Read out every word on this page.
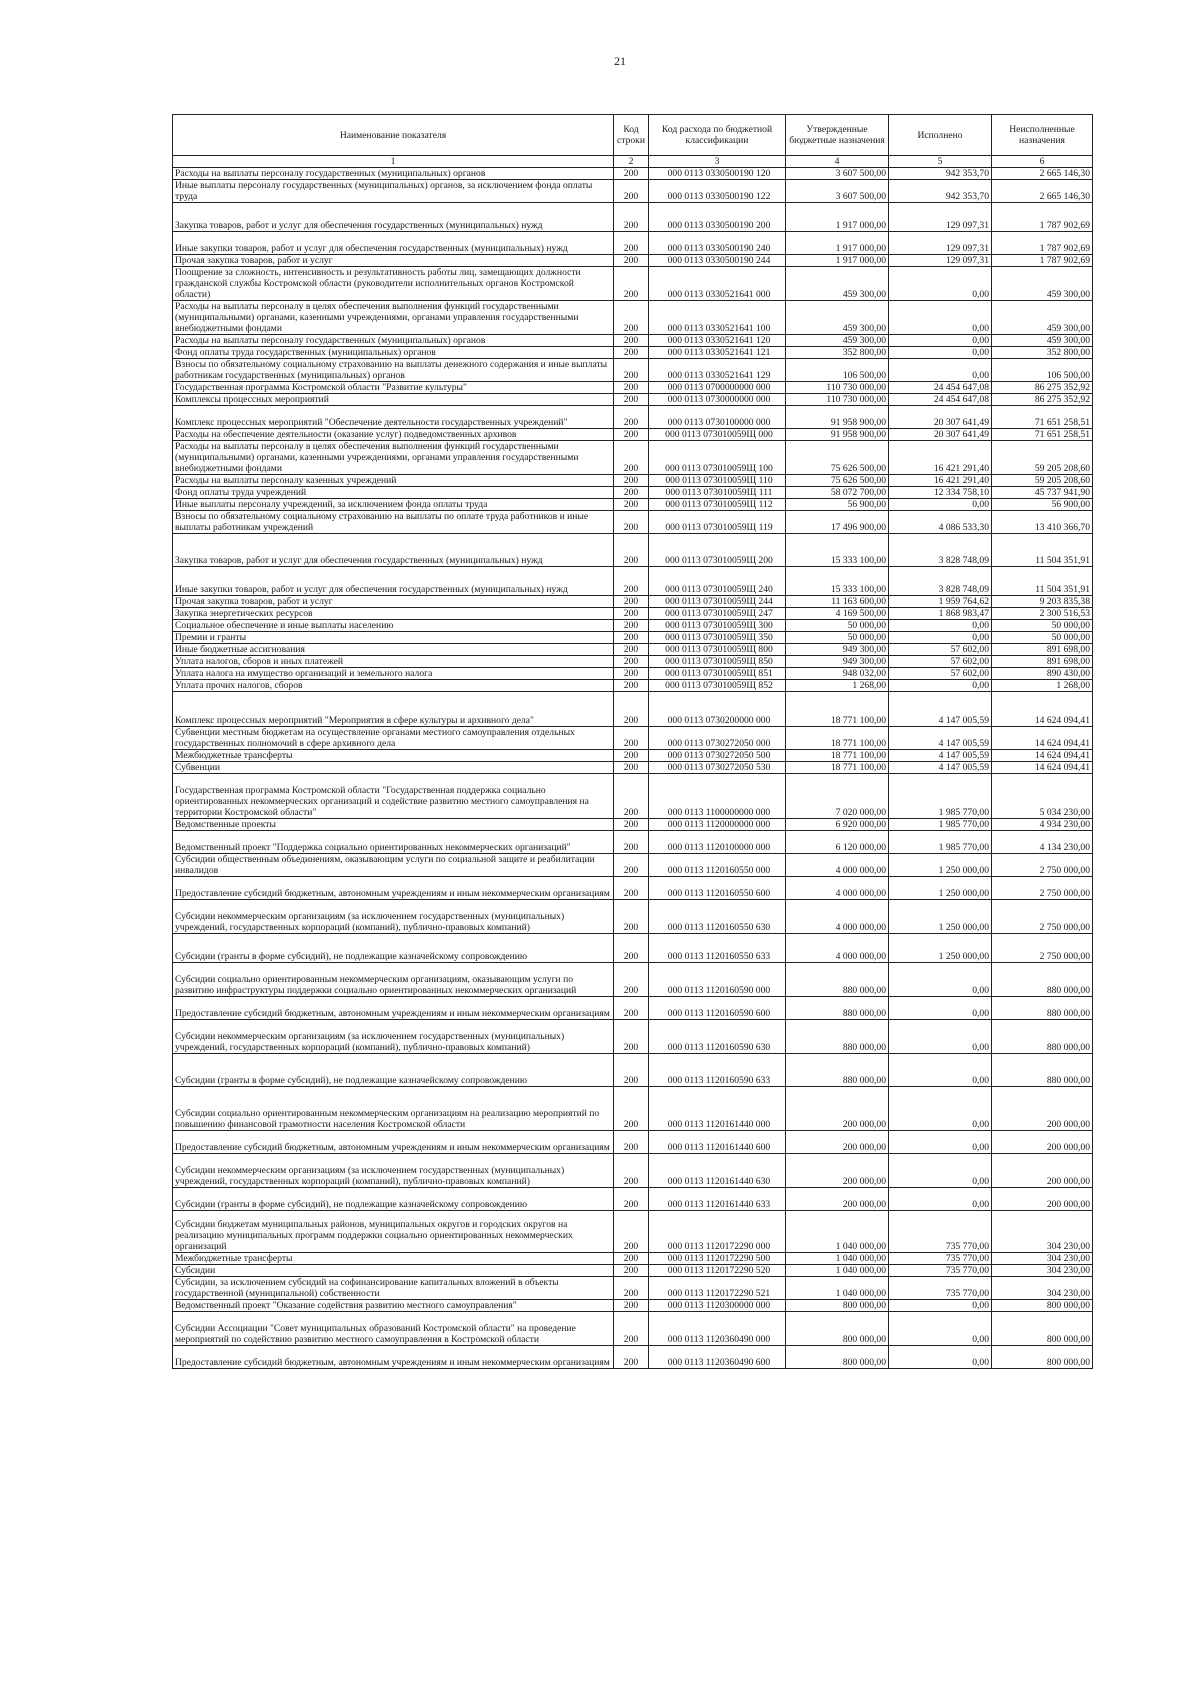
21
Наименование показателя	Код строки	Код расхода по бюджетной классификации	Утвержденные бюджетные назначения	Исполнено	Неисполненные назначения
1	2	3	4	5	6
Расходы на выплаты персоналу государственных (муниципальных) органов	200	000 0113 0330500190 120	3 607 500,00	942 353,70	2 665 146,30
Иные выплаты персоналу государственных (муниципальных) органов, за исключением фонда оплаты труда	200	000 0113 0330500190 122	3 607 500,00	942 353,70	2 665 146,30
Закупка товаров, работ и услуг для обеспечения государственных (муниципальных) нужд	200	000 0113 0330500190 200	1 917 000,00	129 097,31	1 787 902,69
Иные закупки товаров, работ и услуг для обеспечения государственных (муниципальных) нужд	200	000 0113 0330500190 240	1 917 000,00	129 097,31	1 787 902,69
Прочая закупка товаров, работ и услуг	200	000 0113 0330500190 244	1 917 000,00	129 097,31	1 787 902,69
Поощрение за сложность, интенсивность и результативность работы лиц, замещающих должности гражданской службы Костромской области (руководители исполнительных органов Костромской области)	200	000 0113 0330521641 000	459 300,00	0,00	459 300,00
Расходы на выплаты персоналу в целях обеспечения выполнения функций государственными (муниципальными) органами, казенными учреждениями, органами управления государственными внебюджетными фондами	200	000 0113 0330521641 100	459 300,00	0,00	459 300,00
Расходы на выплаты персоналу государственных (муниципальных) органов	200	000 0113 0330521641 120	459 300,00	0,00	459 300,00
Фонд оплаты труда государственных (муниципальных) органов	200	000 0113 0330521641 121	352 800,00	0,00	352 800,00
Взносы по обязательному социальному страхованию на выплаты денежного содержания и иные выплаты работникам государственных (муниципальных) органов	200	000 0113 0330521641 129	106 500,00	0,00	106 500,00
Государственная программа Костромской области "Развитие культуры"	200	000 0113 0700000000 000	110 730 000,00	24 454 647,08	86 275 352,92
Комплексы процессных мероприятий	200	000 0113 0730000000 000	110 730 000,00	24 454 647,08	86 275 352,92
Комплекс процессных мероприятий "Обеспечение деятельности государственных учреждений"	200	000 0113 0730100000 000	91 958 900,00	20 307 641,49	71 651 258,51
Расходы на обеспечение деятельности (оказание услуг) подведомственных архивов	200	000 0113 073010059Щ 000	91 958 900,00	20 307 641,49	71 651 258,51
Расходы на выплаты персоналу в целях обеспечения выполнения функций государственными (муниципальными) органами, казенными учреждениями, органами управления государственными внебюджетными фондами	200	000 0113 073010059Щ 100	75 626 500,00	16 421 291,40	59 205 208,60
Расходы на выплаты персоналу казенных учреждений	200	000 0113 073010059Щ 110	75 626 500,00	16 421 291,40	59 205 208,60
Фонд оплаты труда учреждений	200	000 0113 073010059Щ 111	58 072 700,00	12 334 758,10	45 737 941,90
Иные выплаты персоналу учреждений, за исключением фонда оплаты труда	200	000 0113 073010059Щ 112	56 900,00	0,00	56 900,00
Взносы по обязательному социальному страхованию на выплаты по оплате труда работников и иные выплаты работникам учреждений	200	000 0113 073010059Щ 119	17 496 900,00	4 086 533,30	13 410 366,70
Закупка товаров, работ и услуг для обеспечения государственных (муниципальных) нужд	200	000 0113 073010059Щ 200	15 333 100,00	3 828 748,09	11 504 351,91
Иные закупки товаров, работ и услуг для обеспечения государственных (муниципальных) нужд	200	000 0113 073010059Щ 240	15 333 100,00	3 828 748,09	11 504 351,91
Прочая закупка товаров, работ и услуг	200	000 0113 073010059Щ 244	11 163 600,00	1 959 764,62	9 203 835,38
Закупка энергетических ресурсов	200	000 0113 073010059Щ 247	4 169 500,00	1 868 983,47	2 300 516,53
Социальное обеспечение и иные выплаты населению	200	000 0113 073010059Щ 300	50 000,00	0,00	50 000,00
Премии и гранты	200	000 0113 073010059Щ 350	50 000,00	0,00	50 000,00
Иные бюджетные ассигнования	200	000 0113 073010059Щ 800	949 300,00	57 602,00	891 698,00
Уплата налогов, сборов и иных платежей	200	000 0113 073010059Щ 850	949 300,00	57 602,00	891 698,00
Уплата налога на имущество организаций и земельного налога	200	000 0113 073010059Щ 851	948 032,00	57 602,00	890 430,00
Уплата прочих налогов, сборов	200	000 0113 073010059Щ 852	1 268,00	0,00	1 268,00
Комплекс процессных мероприятий "Мероприятия в сфере культуры и архивного дела"	200	000 0113 0730200000 000	18 771 100,00	4 147 005,59	14 624 094,41
Субвенции местным бюджетам на осуществление органами местного самоуправления отдельных государственных полномочий в сфере архивного дела	200	000 0113 0730272050 000	18 771 100,00	4 147 005,59	14 624 094,41
Межбюджетные трансферты	200	000 0113 0730272050 500	18 771 100,00	4 147 005,59	14 624 094,41
Субвенции	200	000 0113 0730272050 530	18 771 100,00	4 147 005,59	14 624 094,41
Государственная программа Костромской области "Государственная поддержка социально ориентированных некоммерческих организаций и содействие развитию местного самоуправления на территории Костромской области"	200	000 0113 1100000000 000	7 020 000,00	1 985 770,00	5 034 230,00
Ведомственные проекты	200	000 0113 1120000000 000	6 920 000,00	1 985 770,00	4 934 230,00
Ведомственный проект "Поддержка социально ориентированных некоммерческих организаций"	200	000 0113 1120100000 000	6 120 000,00	1 985 770,00	4 134 230,00
Субсидии общественным объединениям, оказывающим услуги по социальной защите и реабилитации инвалидов	200	000 0113 1120160550 000	4 000 000,00	1 250 000,00	2 750 000,00
Предоставление субсидий бюджетным, автономным учреждениям и иным некоммерческим организациям	200	000 0113 1120160550 600	4 000 000,00	1 250 000,00	2 750 000,00
Субсидии некоммерческим организациям (за исключением государственных (муниципальных) учреждений, государственных корпораций (компаний), публично-правовых компаний)	200	000 0113 1120160550 630	4 000 000,00	1 250 000,00	2 750 000,00
Субсидии (гранты в форме субсидий), не подлежащие казначейскому сопровождению	200	000 0113 1120160550 633	4 000 000,00	1 250 000,00	2 750 000,00
Субсидии социально ориентированным некоммерческим организациям, оказывающим услуги по развитию инфраструктуры поддержки социально ориентированных некоммерческих организаций	200	000 0113 1120160590 000	880 000,00	0,00	880 000,00
Предоставление субсидий бюджетным, автономным учреждениям и иным некоммерческим организациям	200	000 0113 1120160590 600	880 000,00	0,00	880 000,00
Субсидии некоммерческим организациям (за исключением государственных (муниципальных) учреждений, государственных корпораций (компаний), публично-правовых компаний)	200	000 0113 1120160590 630	880 000,00	0,00	880 000,00
Субсидии (гранты в форме субсидий), не подлежащие казначейскому сопровождению	200	000 0113 1120160590 633	880 000,00	0,00	880 000,00
Субсидии социально ориентированным некоммерческим организациям на реализацию мероприятий по повышению финансовой грамотности населения Костромской области	200	000 0113 1120161440 000	200 000,00	0,00	200 000,00
Предоставление субсидий бюджетным, автономным учреждениям и иным некоммерческим организациям	200	000 0113 1120161440 600	200 000,00	0,00	200 000,00
Субсидии некоммерческим организациям (за исключением государственных (муниципальных) учреждений, государственных корпораций (компаний), публично-правовых компаний)	200	000 0113 1120161440 630	200 000,00	0,00	200 000,00
Субсидии (гранты в форме субсидий), не подлежащие казначейскому сопровождению	200	000 0113 1120161440 633	200 000,00	0,00	200 000,00
Субсидии бюджетам муниципальных районов, муниципальных округов и городских округов на реализацию муниципальных программ поддержки социально ориентированных некоммерческих организаций	200	000 0113 1120172290 000	1 040 000,00	735 770,00	304 230,00
Межбюджетные трансферты	200	000 0113 1120172290 500	1 040 000,00	735 770,00	304 230,00
Субсидии	200	000 0113 1120172290 520	1 040 000,00	735 770,00	304 230,00
Субсидии, за исключением субсидий на софинансирование капитальных вложений в объекты государственной (муниципальной) собственности	200	000 0113 1120172290 521	1 040 000,00	735 770,00	304 230,00
Ведомственный проект "Оказание содействия развитию местного самоуправления"	200	000 0113 1120300000 000	800 000,00	0,00	800 000,00
Субсидии Ассоциации "Совет муниципальных образований Костромской области" на проведение мероприятий по содействию развитию местного самоуправления в Костромской области	200	000 0113 1120360490 000	800 000,00	0,00	800 000,00
Предоставление субсидий бюджетным, автономным учреждениям и иным некоммерческим организациям	200	000 0113 1120360490 600	800 000,00	0,00	800 000,00
